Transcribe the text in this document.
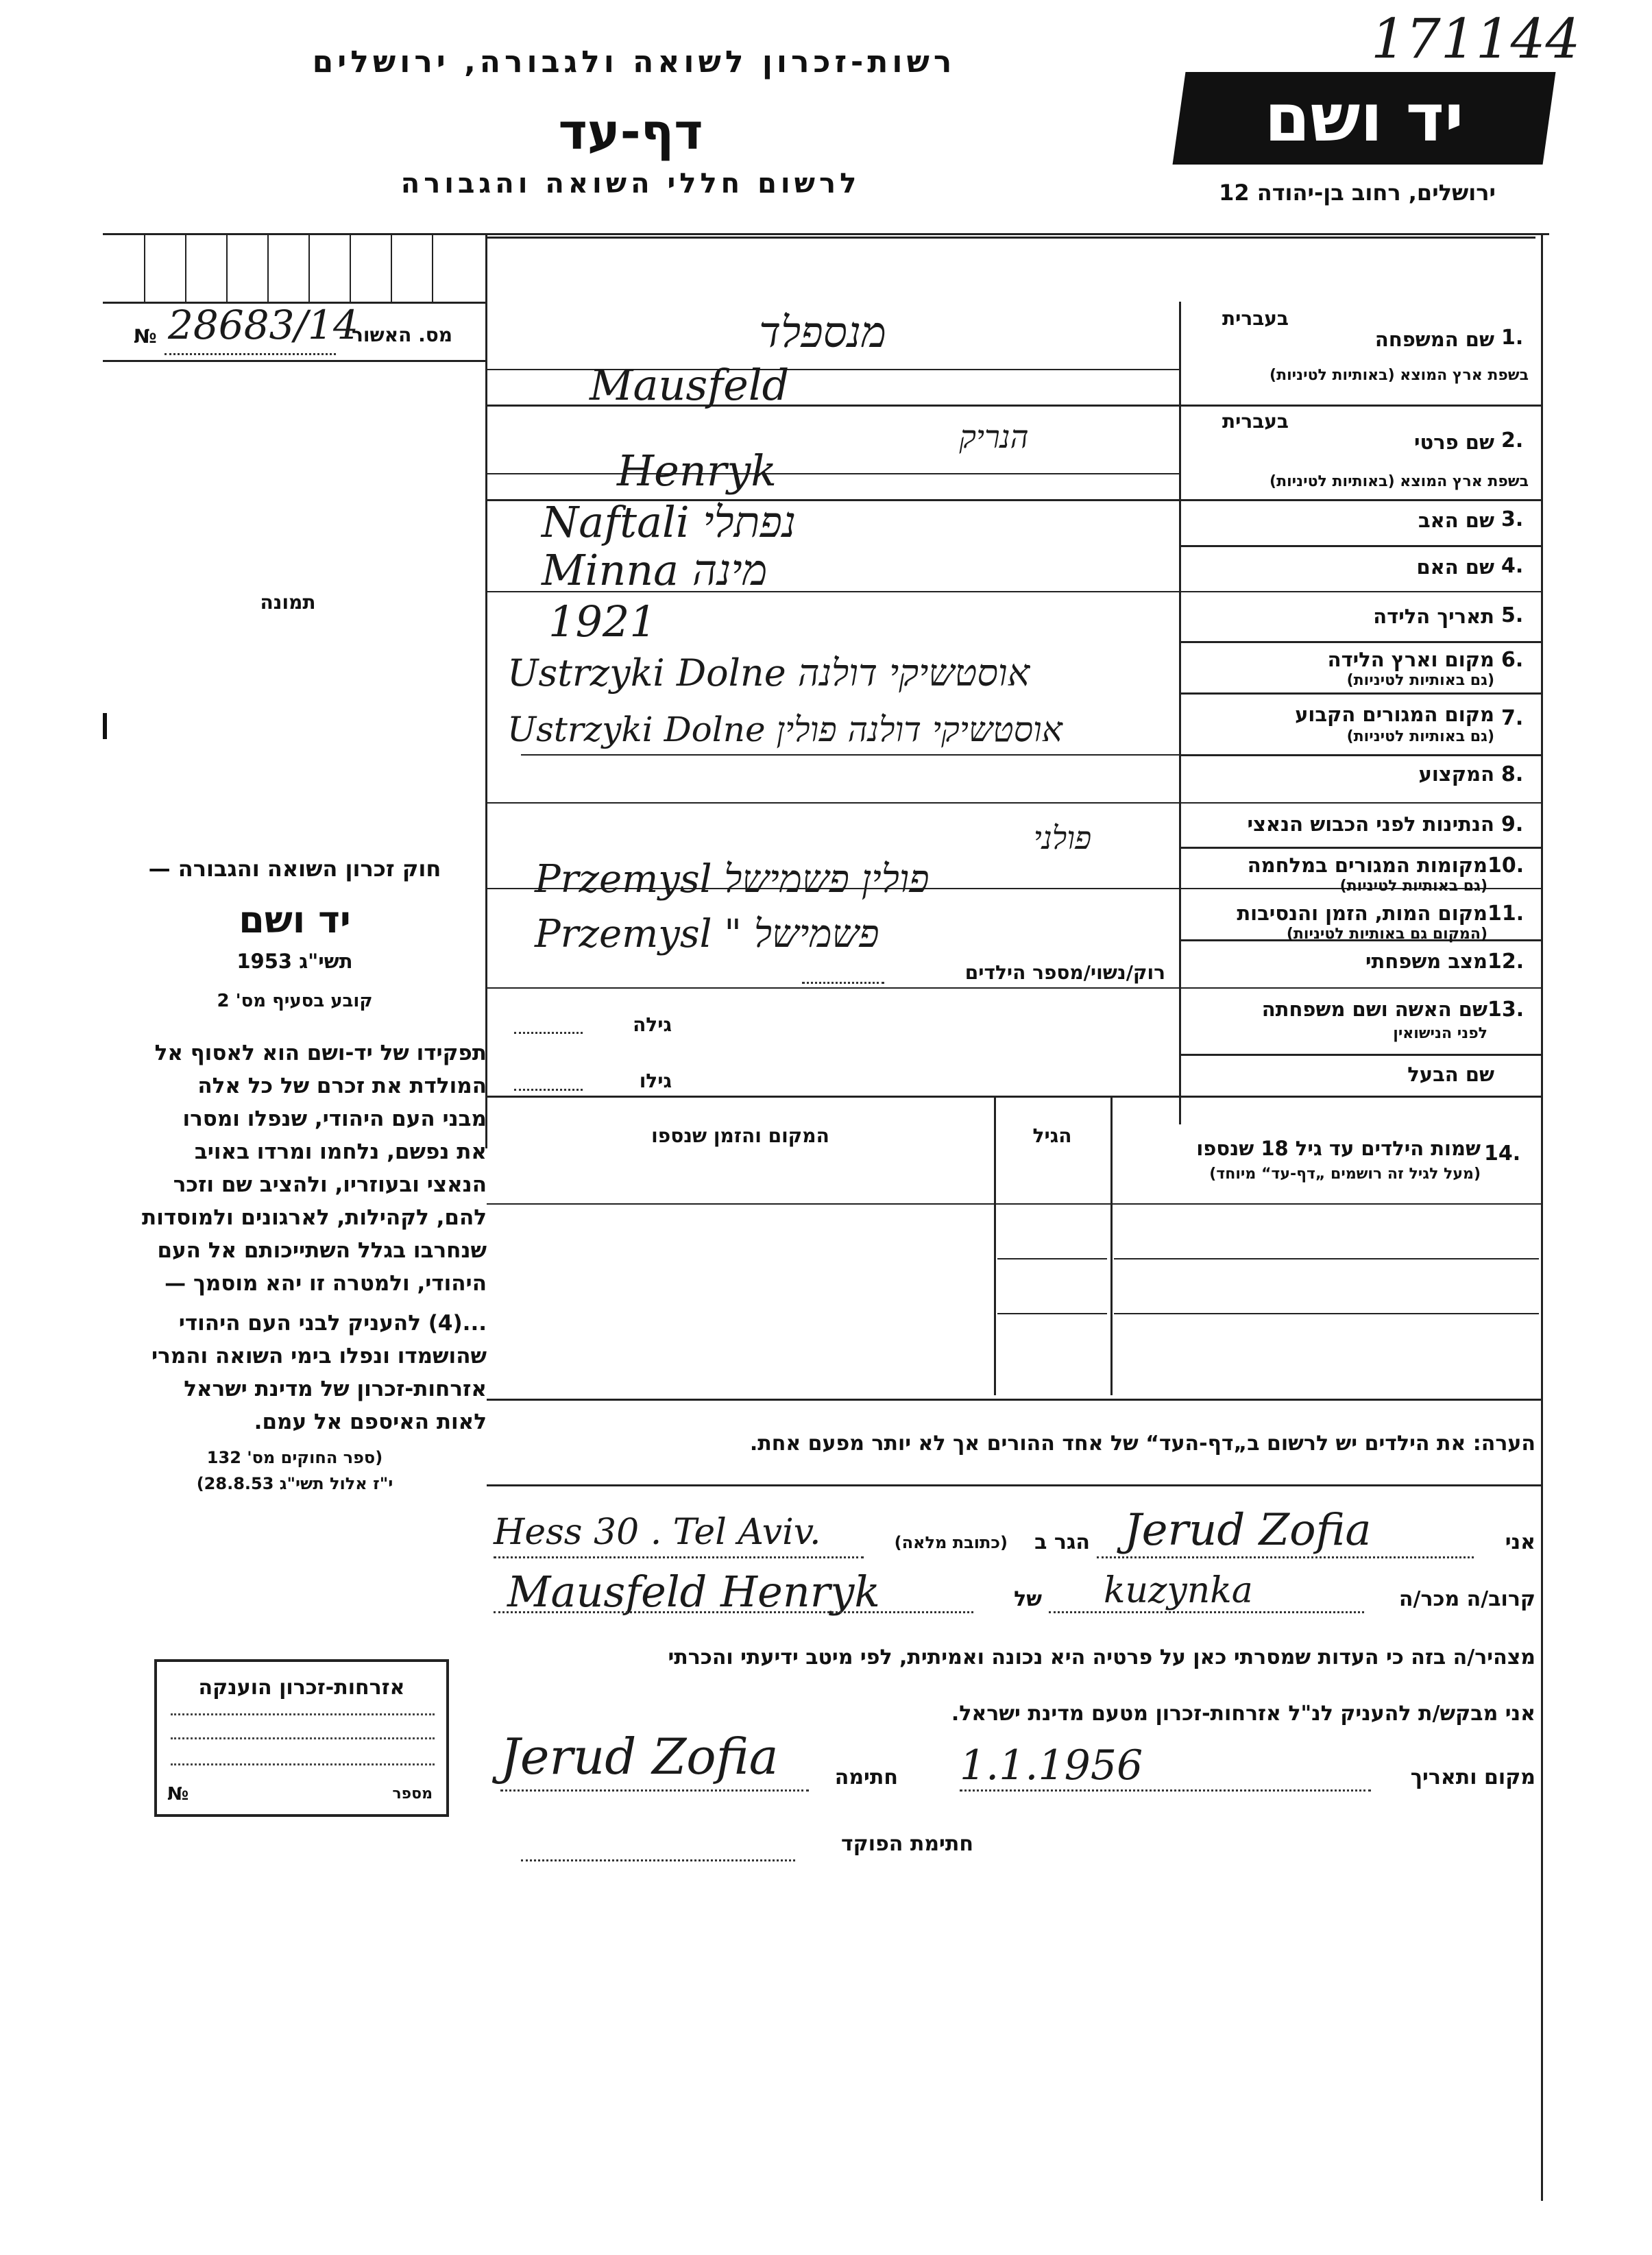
171144
רשות-זכרון לשואה ולגבורה, ירושלים
דף-עד
לרשום חללי השואה והגבורה
יד ושם
ירושלים, רחוב בן-יהודה 12
מס. האשור
№ 28683/14
תמונה
1.
בעברית
שם המשפחה
בשפת ארץ המוצא (באותיות לטיניות)
מנספלד
Mausfeld
2.
בעברית
שם פרטי
בשפת ארץ המוצא (באותיות לטיניות)
הנריק
Henryk
3.
שם האב
Naftali נפתלי
4.
שם האם
Minna מינה
5.
תאריך הלידה
1921
6.
מקום וארץ הלידה
(גם באותיות לטיניות)
Ustrzyki Dolne אוסטשיקי דולנה
7.
מקום המגורים הקבוע
(גם באותיות לטיניות)
Ustrzyki Dolne אוסטשיקי דולנה פולין
8.
המקצוע
9.
הנתינות לפני הכבוש הנאצי
פולני
10.
מקומות המגורים במלחמה
(גם באותיות לטיניות)
Przemysl פולין פשמישל
11.
מקום המות, הזמן והנסיבות
(המקום גם באותיות לטיניות)
Przemysl " פשמישל
12.
מצב משפחתי
רוק/נשוי/מספר הילדים
13.
שם האשה ושם משפחתה
לפני הנישואין
גילה
שם הבעל
גילו
14.
שמות הילדים עד גיל 18 שנספו
(מעל לגיל זה רושמים „דף-עד“ מיוחד)
הגיל
המקום והזמן שנספו
הערה: את הילדים יש לרשום ב„דף-העד“ של אחד ההורים אך לא יותר מפעם אחת.
חוק זכרון השואה והגבורה —
יד ושם
תשי"ג 1953
קובע בסעיף מס' 2
תפקידו של יד-ושם הוא לאסוף אל
המולדת את זכרם של כל אלה
מבני העם היהודי, שנפלו ומסרו
את נפשם, נלחמו ומרדו באויב
הנאצי ובעוזריו, ולהציב שם וזכר
להם, לקהילות, לארגונים ולמוסדות
שנחרבו בגלל השתייכותם אל העם
היהודי, ולמטרה זו יהא מוסמך —
...(4) להעניק לבני העם היהודי
שהושמדו ונפלו בימי השואה והמרי
אזרחות-זכרון של מדינת ישראל
לאות האיספם אל עמם.
(ספר החוקים מס' 132
י"ז אלול תשי"ג 28.8.53)
אני
Jerud Zofia
הגר ב
(כתובת מלאה)
Hess 30 . Tel Aviv.
קרוב/ה מכר/ה
kuzynka
של
Mausfeld Henryk
מצהיר/ה בזה כי העדות שמסרתי כאן על פרטיה היא נכונה ואמיתית, לפי מיטב ידיעתי והכרתי
אני מבקש/ת להעניק לנ"ל אזרחות-זכרון מטעם מדינת ישראל.
מקום ותאריך
1.1.1956
חתימה
Jerud Zofia
חתימת הפוקד
אזרחות-זכרון הוענקה
מספר
№
